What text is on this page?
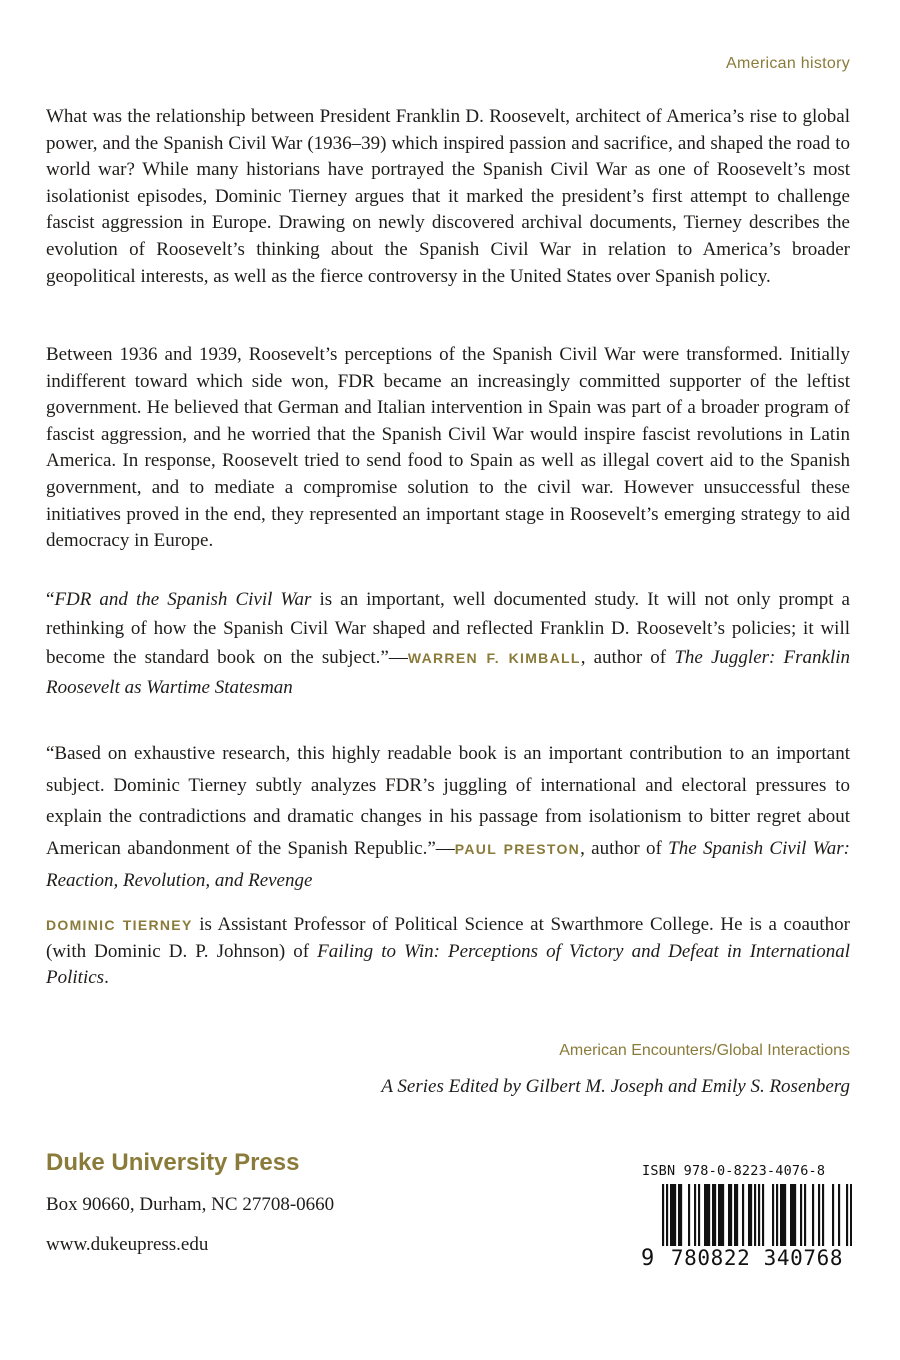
American history

What was the relationship between President Franklin D. Roosevelt, architect of America’s rise to global power, and the Spanish Civil War (1936–39) which inspired passion and sacrifice, and shaped the road to world war? While many historians have portrayed the Spanish Civil War as one of Roosevelt’s most isolationist episodes, Dominic Tierney argues that it marked the president’s first attempt to challenge fascist aggression in Europe. Drawing on newly discovered archival documents, Tierney describes the evolution of Roosevelt’s thinking about the Spanish Civil War in relation to America’s broader geopolitical interests, as well as the fierce controversy in the United States over Spanish policy.

Between 1936 and 1939, Roosevelt’s perceptions of the Spanish Civil War were transformed. Initially indifferent toward which side won, FDR became an increasingly committed supporter of the leftist government. He believed that German and Italian intervention in Spain was part of a broader program of fascist aggression, and he worried that the Spanish Civil War would inspire fascist revolutions in Latin America. In response, Roosevelt tried to send food to Spain as well as illegal covert aid to the Spanish government, and to mediate a compromise solution to the civil war. However unsuccessful these initiatives proved in the end, they represented an important stage in Roosevelt’s emerging strategy to aid democracy in Europe.

“FDR and the Spanish Civil War is an important, well documented study. It will not only prompt a rethinking of how the Spanish Civil War shaped and reflected Franklin D. Roosevelt’s policies; it will become the standard book on the subject.”—WARREN F. KIMBALL, author of The Juggler: Franklin Roosevelt as Wartime Statesman

“Based on exhaustive research, this highly readable book is an important contribution to an important subject. Dominic Tierney subtly analyzes FDR’s juggling of international and electoral pressures to explain the contradictions and dramatic changes in his passage from isolationism to bitter regret about American abandonment of the Spanish Republic.”—PAUL PRESTON, author of The Spanish Civil War: Reaction, Revolution, and Revenge

DOMINIC TIERNEY is Assistant Professor of Political Science at Swarthmore College. He is a coauthor (with Dominic D. P. Johnson) of Failing to Win: Perceptions of Victory and Defeat in International Politics.

American Encounters/Global Interactions
A Series Edited by Gilbert M. Joseph and Emily S. Rosenberg
Duke University Press
Box 90660, Durham, NC 27708-0660
www.dukeupress.edu
ISBN 978-0-8223-4076-8
9 780822 340768
